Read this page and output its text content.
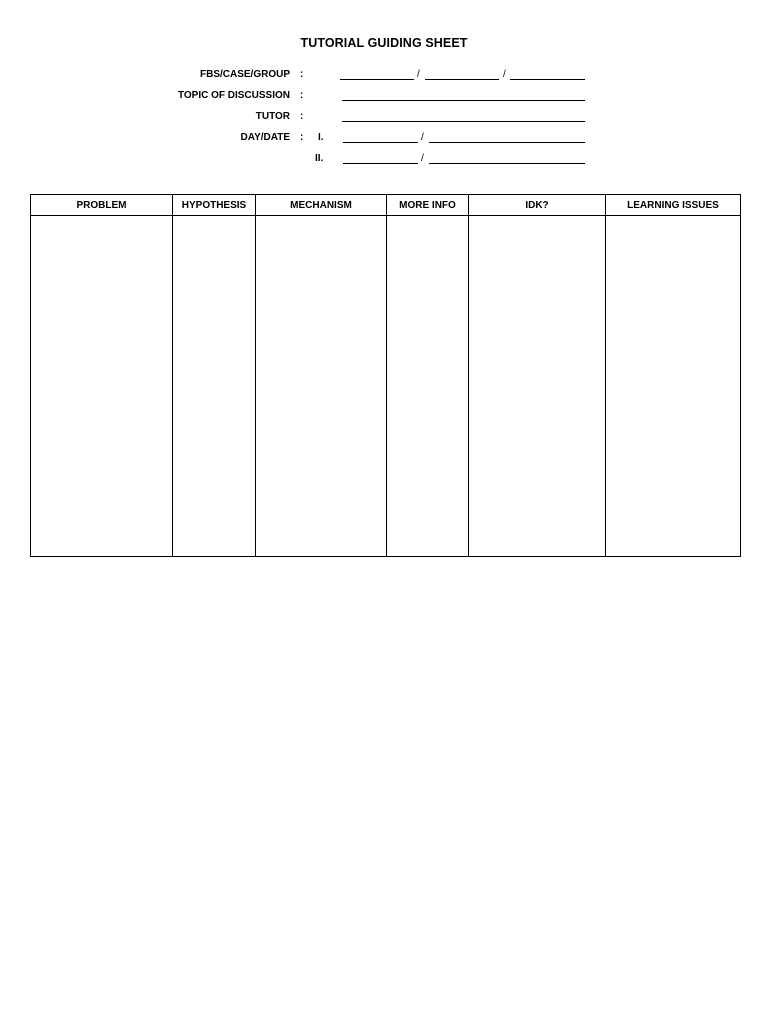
TUTORIAL GUIDING SHEET
FBS/CASE/GROUP :	/	/
TOPIC OF DISCUSSION :
TUTOR :
DAY/DATE : I.	/
II.	/
PROBLEM	HYPOTHESIS	MECHANISM	MORE INFO	IDK?	LEARNING ISSUES
